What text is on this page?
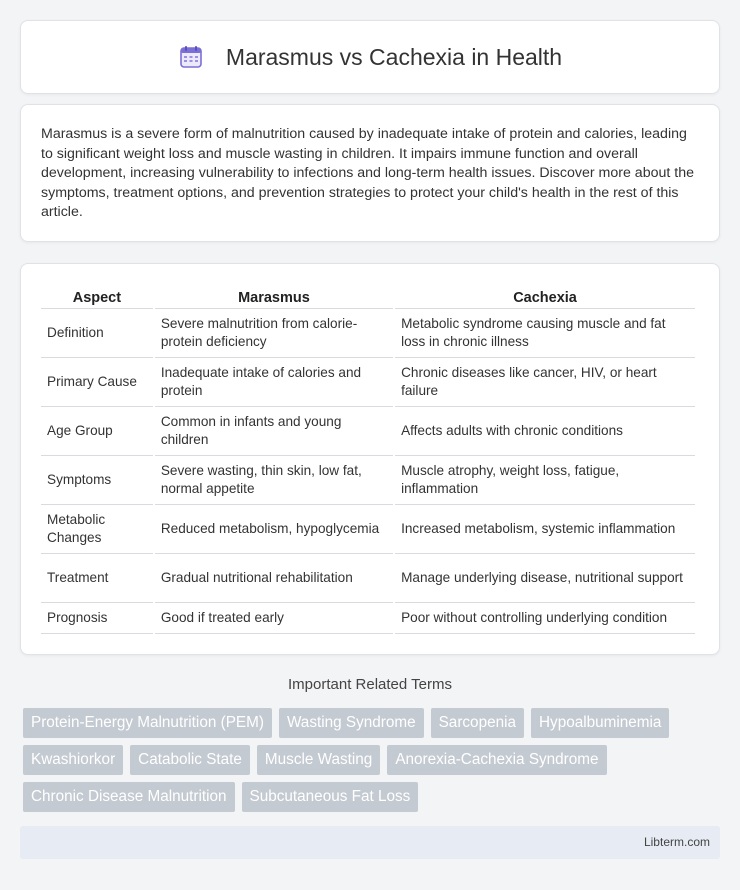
Marasmus vs Cachexia in Health

Marasmus is a severe form of malnutrition caused by inadequate intake of protein and calories, leading to significant weight loss and muscle wasting in children. It impairs immune function and overall development, increasing vulnerability to infections and long-term health issues. Discover more about the symptoms, treatment options, and prevention strategies to protect your child's health in the rest of this article.

Aspect	Marasmus	Cachexia
Definition	Severe malnutrition from calorie-protein deficiency	Metabolic syndrome causing muscle and fat loss in chronic illness
Primary Cause	Inadequate intake of calories and protein	Chronic diseases like cancer, HIV, or heart failure
Age Group	Common in infants and young children	Affects adults with chronic conditions
Symptoms	Severe wasting, thin skin, low fat, normal appetite	Muscle atrophy, weight loss, fatigue, inflammation
Metabolic Changes	Reduced metabolism, hypoglycemia	Increased metabolism, systemic inflammation
Treatment	Gradual nutritional rehabilitation	Manage underlying disease, nutritional support
Prognosis	Good if treated early	Poor without controlling underlying condition
Important Related Terms
Protein-Energy Malnutrition (PEM)	Wasting Syndrome	Sarcopenia	Hypoalbuminemia
Kwashiorkor	Catabolic State	Muscle Wasting	Anorexia-Cachexia Syndrome
Chronic Disease Malnutrition	Subcutaneous Fat Loss
Libterm.com
